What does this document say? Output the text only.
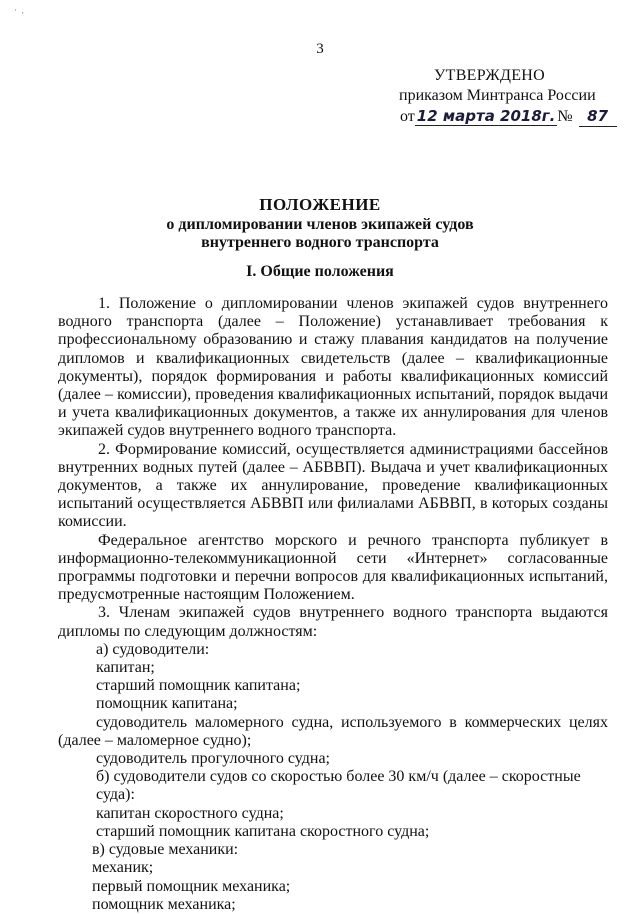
˙ ·
3
УТВЕРЖДЕНО
приказом Минтранса России
от 12 марта 2018г. № 87
ПОЛОЖЕНИЕ
о дипломировании членов экипажей судов
внутреннего водного транспорта
I. Общие положения

1. Положение о дипломировании членов экипажей судов внутреннего водного транспорта (далее – Положение) устанавливает требования к профессиональному образованию и стажу плавания кандидатов на получение дипломов и квалификационных свидетельств (далее – квалификационные документы), порядок формирования и работы квалификационных комиссий (далее – комиссии), проведения квалификационных испытаний, порядок выдачи и учета квалификационных документов, а также их аннулирования для членов экипажей судов внутреннего водного транспорта.

2. Формирование комиссий, осуществляется администрациями бассейнов внутренних водных путей (далее – АБВВП). Выдача и учет квалификационных документов, а также их аннулирование, проведение квалификационных испытаний осуществляется АБВВП или филиалами АБВВП, в которых созданы комиссии.

Федеральное агентство морского и речного транспорта публикует в информационно-телекоммуникационной сети «Интернет» согласованные программы подготовки и перечни вопросов для квалификационных испытаний, предусмотренные настоящим Положением.

3. Членам экипажей судов внутреннего водного транспорта выдаются дипломы по следующим должностям:

а) судоводители:

капитан;

старший помощник капитана;

помощник капитана;

судоводитель маломерного судна, используемого в коммерческих целях (далее – маломерное судно);

судоводитель прогулочного судна;

б) судоводители судов со скоростью более 30 км/ч (далее – скоростные суда):

капитан скоростного судна;

старший помощник капитана скоростного судна;

в) судовые механики:

механик;

первый помощник механика;

помощник механика;
